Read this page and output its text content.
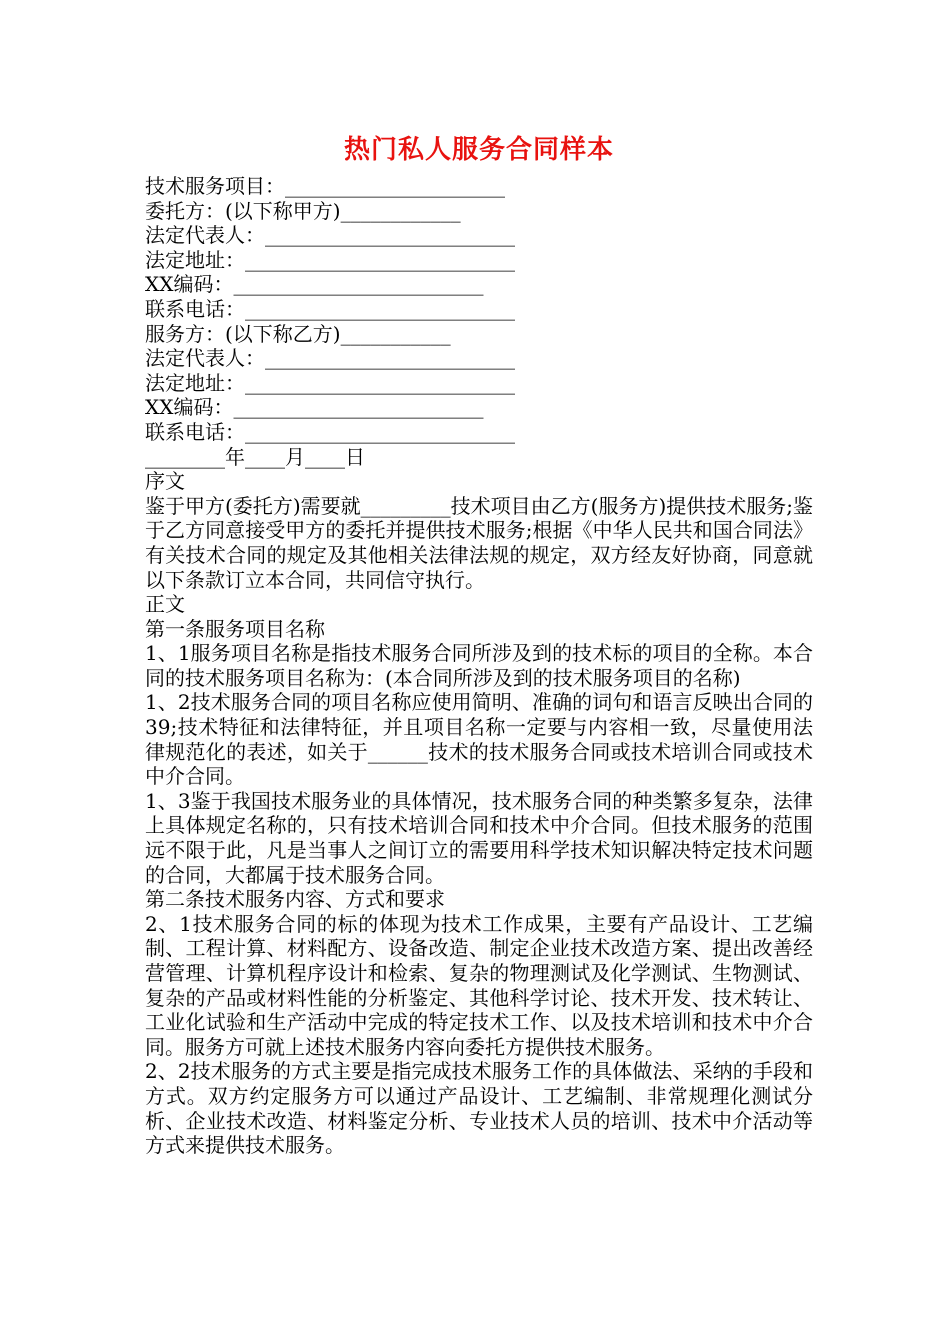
热门私人服务合同样本
技术服务项目：______________________
委托方：(以下称甲方)____________
法定代表人：_________________________
法定地址：___________________________
XX编码：_________________________
联系电话：___________________________
服务方：(以下称乙方)___________
法定代表人：_________________________
法定地址：___________________________
XX编码：_________________________
联系电话：___________________________
________年____月____日
序文

鉴于甲方(委托方)需要就_________技术项目由乙方(服务方)提供技术服务;鉴于乙方同意接受甲方的委托并提供技术服务;根据《中华人民共和国合同法》有关技术合同的规定及其他相关法律法规的规定，双方经友好协商，同意就以下条款订立本合同，共同信守执行。

正文

第一条服务项目名称

1、1服务项目名称是指技术服务合同所涉及到的技术标的项目的全称。本合同的技术服务项目名称为：(本合同所涉及到的技术服务项目的名称)

1、2技术服务合同的项目名称应使用简明、准确的词句和语言反映出合同的39;技术特征和法律特征，并且项目名称一定要与内容相一致，尽量使用法律规范化的表述，如关于______技术的技术服务合同或技术培训合同或技术中介合同。

1、3鉴于我国技术服务业的具体情况，技术服务合同的种类繁多复杂，法律上具体规定名称的，只有技术培训合同和技术中介合同。但技术服务的范围远不限于此，凡是当事人之间订立的需要用科学技术知识解决特定技术问题的合同，大都属于技术服务合同。

第二条技术服务内容、方式和要求

2、1技术服务合同的标的体现为技术工作成果，主要有产品设计、工艺编制、工程计算、材料配方、设备改造、制定企业技术改造方案、提出改善经营管理、计算机程序设计和检索、复杂的物理测试及化学测试、生物测试、复杂的产品或材料性能的分析鉴定、其他科学讨论、技术开发、技术转让、工业化试验和生产活动中完成的特定技术工作、以及技术培训和技术中介合同。服务方可就上述技术服务内容向委托方提供技术服务。

2、2技术服务的方式主要是指完成技术服务工作的具体做法、采纳的手段和方式。双方约定服务方可以通过产品设计、工艺编制、非常规理化测试分析、企业技术改造、材料鉴定分析、专业技术人员的培训、技术中介活动等方式来提供技术服务。
